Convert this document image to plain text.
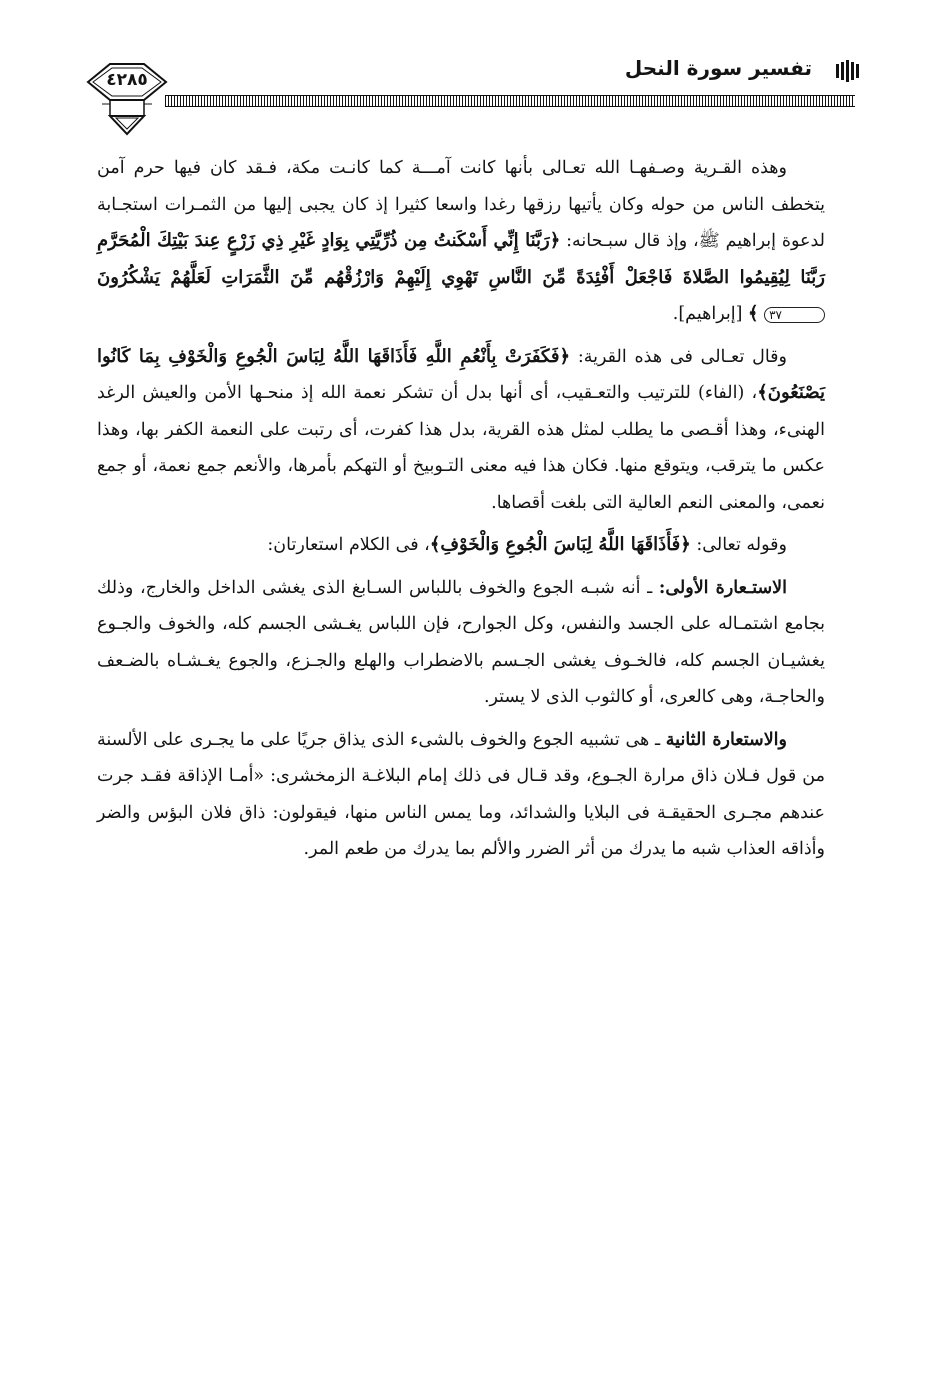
٤٢٨٥	تفسير سورة النحل

وهذه القـرية وصـفهـا الله تعـالى بأنها كانت آمـــة كما كانـت مكة، فـقد كان فيها حرم آمن يتخطف الناس من حوله وكان يأتيها رزقها رغدا واسعا كثيرا إذ كان يجبى إليها من الثمـرات استجـابة لدعوة إبراهيم ﷺ، وإذ قال سبـحانه: ﴿رَبَّنَا إِنِّي أَسْكَنتُ مِن ذُرِّيَّتِي بِوَادٍ غَيْرِ ذِي زَرْعٍ عِندَ بَيْتِكَ الْمُحَرَّمِ رَبَّنَا لِيُقِيمُوا الصَّلاةَ فَاجْعَلْ أَفْئِدَةً مِّنَ النَّاسِ تَهْوِي إِلَيْهِمْ وَارْزُقْهُم مِّنَ الثَّمَرَاتِ لَعَلَّهُمْ يَشْكُرُونَ ٣٧ ﴾ [إبراهيم].

وقال تعـالى فى هذه القرية: ﴿فَكَفَرَتْ بِأَنْعُمِ اللَّهِ فَأَذَاقَهَا اللَّهُ لِبَاسَ الْجُوعِ وَالْخَوْفِ بِمَا كَانُوا يَصْنَعُونَ﴾، (الفاء) للترتيب والتعـقيب، أى أنها بدل أن تشكر نعمة الله إذ منحـها الأمن والعيش الرغد الهنىء، وهذا أقـصى ما يطلب لمثل هذه القرية، بدل هذا كفرت، أى رتبت على النعمة الكفر بها، وهذا عكس ما يترقب، ويتوقع منها. فكان هذا فيه معنى التـوبيخ أو التهكم بأمرها، والأنعم جمع نعمة، أو جمع نعمى، والمعنى النعم العالية التى بلغت أقصاها.

وقوله تعالى: ﴿فَأَذَاقَهَا اللَّهُ لِبَاسَ الْجُوعِ وَالْخَوْفِ﴾، فى الكلام استعارتان:

الاستـعارة الأولى: ـ أنه شبـه الجوع والخوف باللباس السـابغ الذى يغشى الداخل والخارج، وذلك بجامع اشتمـاله على الجسد والنفس، وكل الجوارح، فإن اللباس يغـشى الجسم كله، والخوف والجـوع يغشيـان الجسم كله، فالخـوف يغشى الجـسم بالاضطراب والهلع والجـزع، والجوع يغـشـاه بالضـعف والحاجـة، وهى كالعرى، أو كالثوب الذى لا يستر.

والاستعارة الثانية ـ هى تشبيه الجوع والخوف بالشىء الذى يذاق جريًا على ما يجـرى على الألسنة من قول فـلان ذاق مرارة الجـوع، وقد قـال فى ذلك إمام البلاغـة الزمخشرى: «أمـا الإذاقة فقـد جرت عندهم مجـرى الحقيقـة فى البلايا والشدائد، وما يمس الناس منها، فيقولون: ذاق فلان البؤس والضر وأذاقه العذاب شبه ما يدرك من أثر الضرر والألم بما يدرك من طعم المر.
